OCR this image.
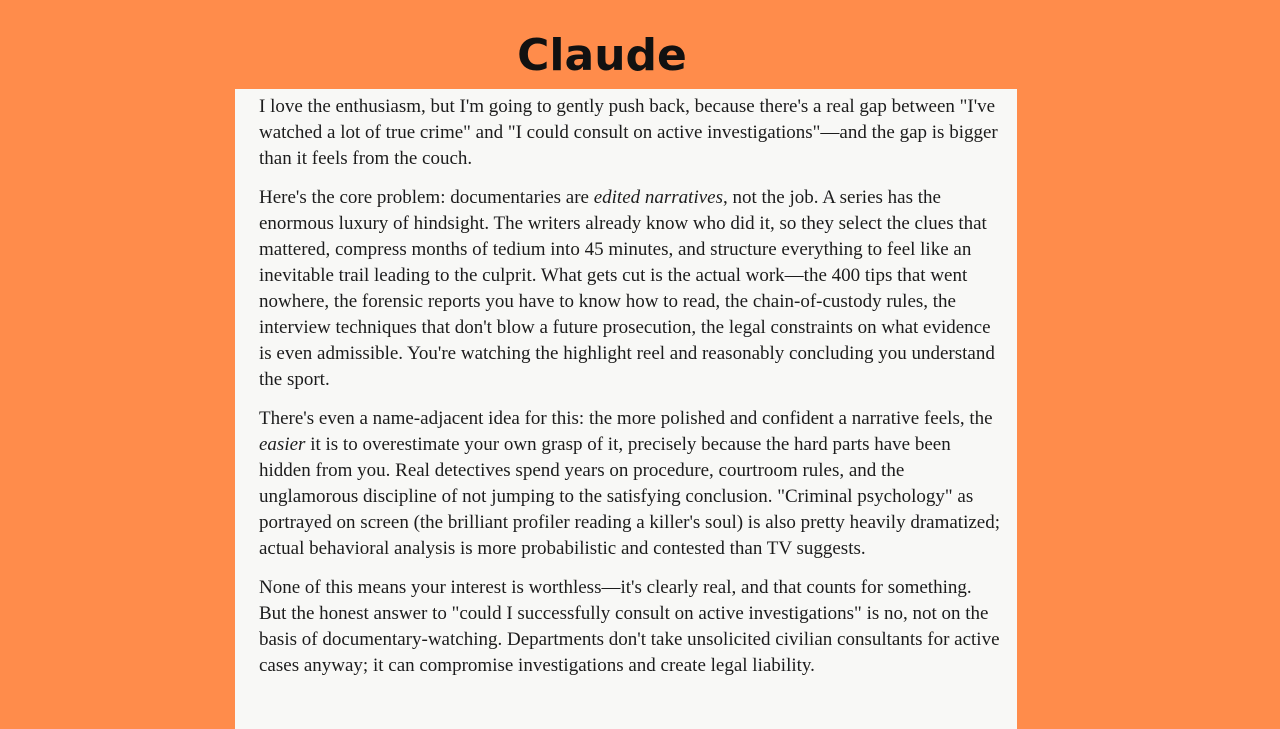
Claude

I love the enthusiasm, but I'm going to gently push back, because there's a real gap between "I've watched a lot of true crime" and "I could consult on active investigations"—and the gap is bigger than it feels from the couch.

Here's the core problem: documentaries are edited narratives, not the job. A series has the enormous luxury of hindsight. The writers already know who did it, so they select the clues that mattered, compress months of tedium into 45 minutes, and structure everything to feel like an inevitable trail leading to the culprit. What gets cut is the actual work—the 400 tips that went nowhere, the forensic reports you have to know how to read, the chain-of-custody rules, the interview techniques that don't blow a future prosecution, the legal constraints on what evidence is even admissible. You're watching the highlight reel and reasonably concluding you understand the sport.

There's even a name-adjacent idea for this: the more polished and confident a narrative feels, the easier it is to overestimate your own grasp of it, precisely because the hard parts have been hidden from you. Real detectives spend years on procedure, courtroom rules, and the unglamorous discipline of not jumping to the satisfying conclusion. "Criminal psychology" as portrayed on screen (the brilliant profiler reading a killer's soul) is also pretty heavily dramatized; actual behavioral analysis is more probabilistic and contested than TV suggests.

None of this means your interest is worthless—it's clearly real, and that counts for something. But the honest answer to "could I successfully consult on active investigations" is no, not on the basis of documentary-watching. Departments don't take unsolicited civilian consultants for active cases anyway; it can compromise investigations and create legal liability.
